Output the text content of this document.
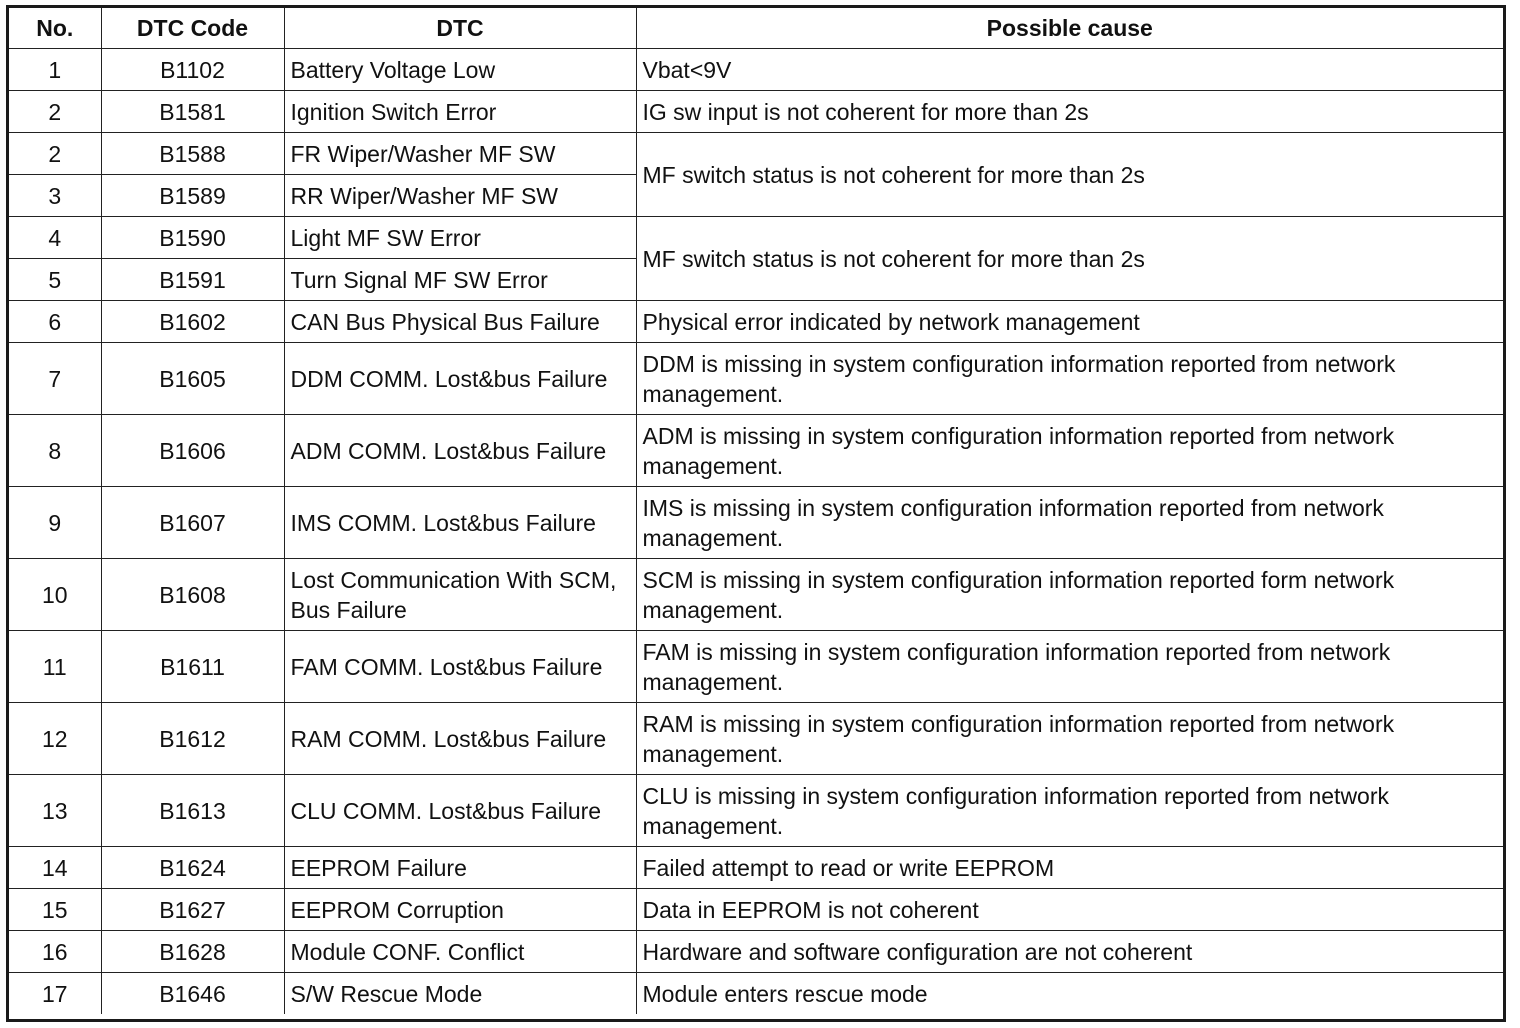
No.	DTC Code	DTC	Possible cause
1	B1102	Battery Voltage Low	Vbat<9V
2	B1581	Ignition Switch Error	IG sw input is not coherent for more than 2s
2	B1588	FR Wiper/Washer MF SW	MF switch status is not coherent for more than 2s
3	B1589	RR Wiper/Washer MF SW	
4	B1590	Light MF SW Error	MF switch status is not coherent for more than 2s
5	B1591	Turn Signal MF SW Error	
6	B1602	CAN Bus Physical Bus Failure	Physical error indicated by network management
7	B1605	DDM COMM. Lost&bus Failure	DDM is missing in system configuration information reported from network management.
8	B1606	ADM COMM. Lost&bus Failure	ADM is missing in system configuration information reported from network management.
9	B1607	IMS COMM. Lost&bus Failure	IMS is missing in system configuration information reported from network management.
10	B1608	Lost Communication With SCM, Bus Failure	SCM is missing in system configuration information reported form network management.
11	B1611	FAM COMM. Lost&bus Failure	FAM is missing in system configuration information reported from network management.
12	B1612	RAM COMM. Lost&bus Failure	RAM is missing in system configuration information reported from network management.
13	B1613	CLU COMM. Lost&bus Failure	CLU is missing in system configuration information reported from network management.
14	B1624	EEPROM Failure	Failed attempt to read or write EEPROM
15	B1627	EEPROM Corruption	Data in EEPROM is not coherent
16	B1628	Module CONF. Conflict	Hardware and software configuration are not coherent
17	B1646	S/W Rescue Mode	Module enters rescue mode
